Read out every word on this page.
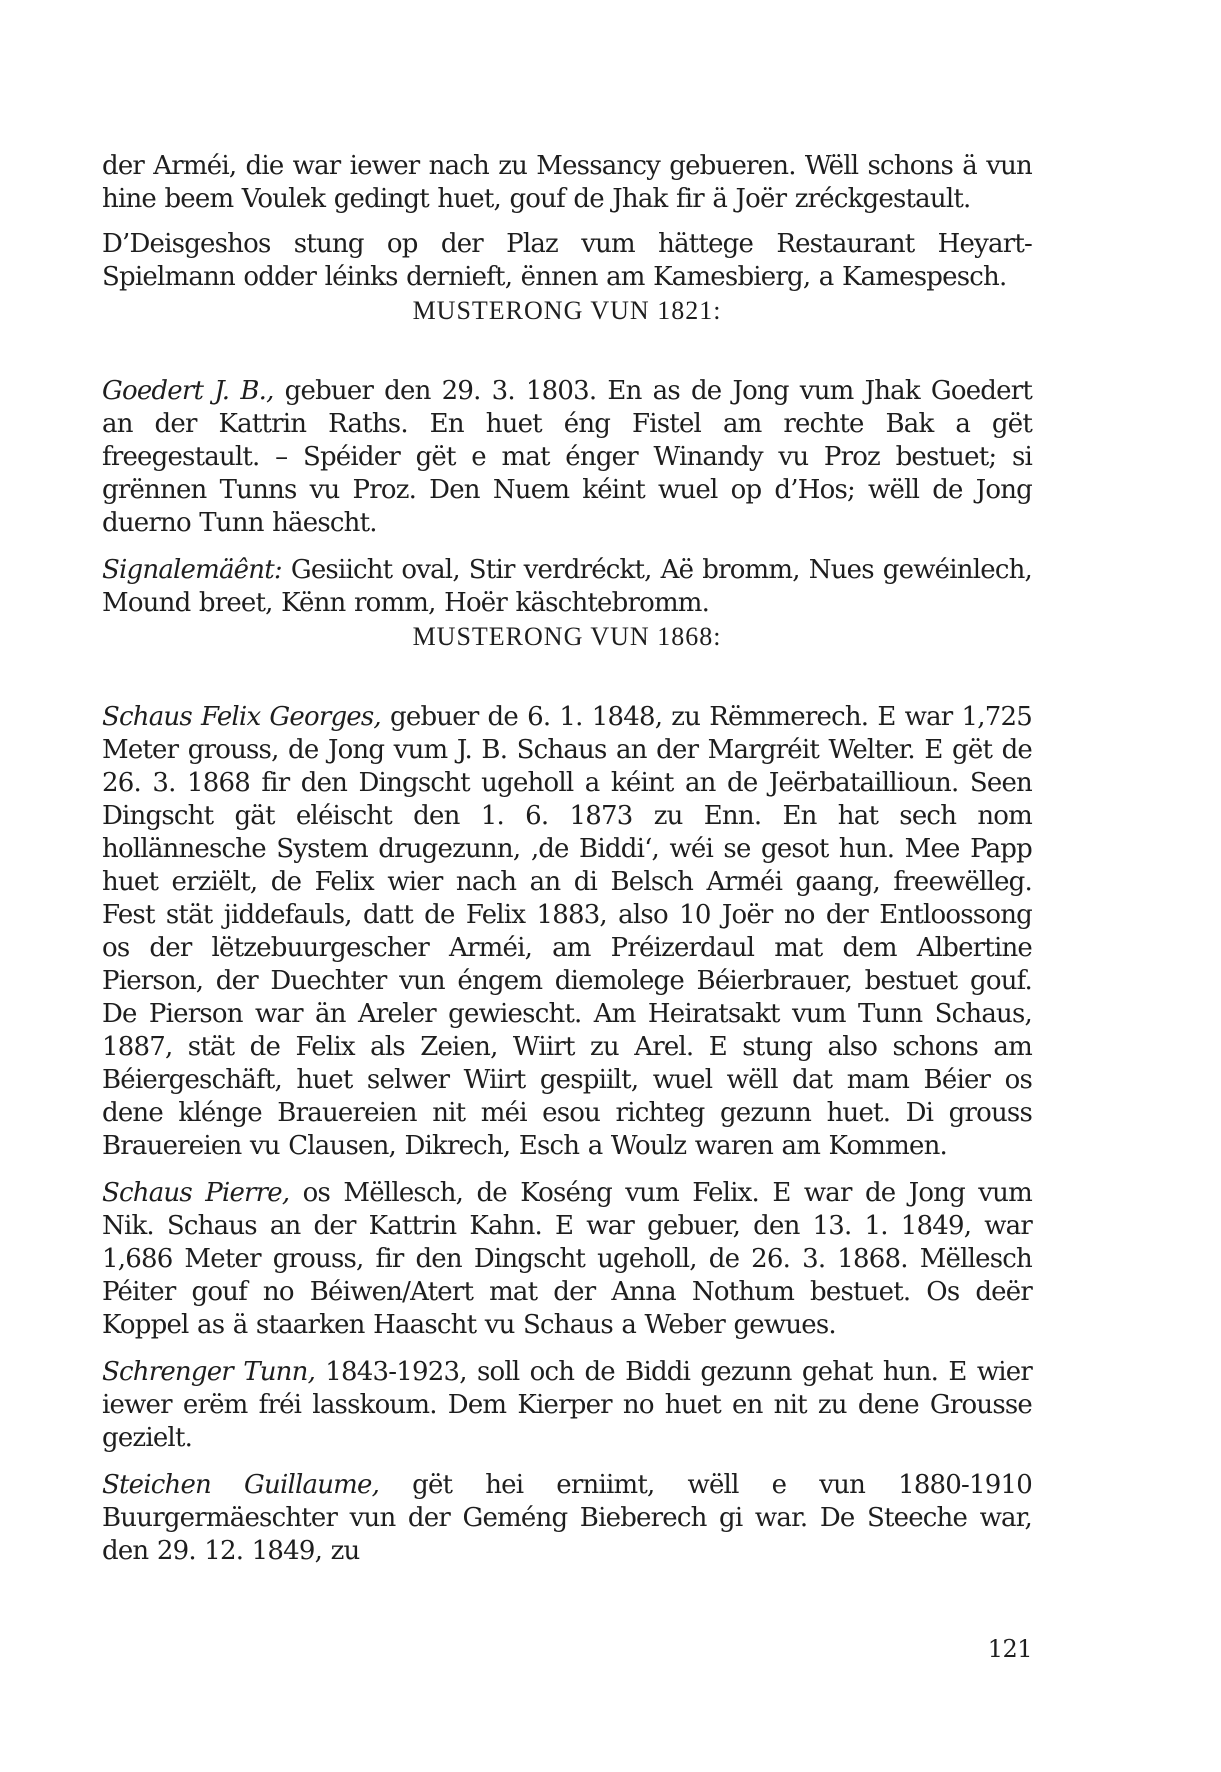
der Arméi, die war iewer nach zu Messancy gebueren. Wëll schons ä vun hine beem Voulek gedingt huet, gouf de Jhak fir ä Joër zréckgestault.

D’Deisgeshos stung op der Plaz vum hättege Restaurant Heyart-Spielmann odder léinks dernieft, ënnen am Kamesbierg, a Kamespesch.

MUSTERONG VUN 1821:

Goedert J. B., gebuer den 29. 3. 1803. En as de Jong vum Jhak Goedert an der Kattrin Raths. En huet éng Fistel am rechte Bak a gët freegestault. – Spéider gët e mat énger Winandy vu Proz bestuet; si grënnen Tunns vu Proz. Den Nuem kéint wuel op d’Hos; wëll de Jong duerno Tunn häescht.

Signalemäênt: Gesiicht oval, Stir verdréckt, Aë bromm, Nues gewéinlech, Mound breet, Kënn romm, Hoër käschtebromm.

MUSTERONG VUN 1868:

Schaus Felix Georges, gebuer de 6. 1. 1848, zu Rëmmerech. E war 1,725 Meter grouss, de Jong vum J. B. Schaus an der Margréit Welter. E gët de 26. 3. 1868 fir den Dingscht ugeholl a kéint an de Jeërbataillioun. Seen Dingscht gät eléischt den 1. 6. 1873 zu Enn. En hat sech nom hollännesche System drugezunn, ‚de Biddi‘, wéi se gesot hun. Mee Papp huet erziëlt, de Felix wier nach an di Belsch Arméi gaang, freewëlleg. Fest stät jiddefauls, datt de Felix 1883, also 10 Joër no der Entloossong os der lëtzebuurgescher Arméi, am Préizerdaul mat dem Albertine Pierson, der Duechter vun éngem diemolege Béierbrauer, bestuet gouf. De Pierson war än Areler gewiescht. Am Heiratsakt vum Tunn Schaus, 1887, stät de Felix als Zeien, Wiirt zu Arel. E stung also schons am Béiergeschäft, huet selwer Wiirt gespiilt, wuel wëll dat mam Béier os dene klénge Brauereien nit méi esou richteg gezunn huet. Di grouss Brauereien vu Clausen, Dikrech, Esch a Woulz waren am Kommen.

Schaus Pierre, os Mëllesch, de Koséng vum Felix. E war de Jong vum Nik. Schaus an der Kattrin Kahn. E war gebuer, den 13. 1. 1849, war 1,686 Meter grouss, fir den Dingscht ugeholl, de 26. 3. 1868. Mëllesch Péiter gouf no Béiwen/Atert mat der Anna Nothum bestuet. Os deër Koppel as ä staarken Haascht vu Schaus a Weber gewues.

Schrenger Tunn, 1843-1923, soll och de Biddi gezunn gehat hun. E wier iewer erëm fréi lasskoum. Dem Kierper no huet en nit zu dene Grousse gezielt.

Steichen Guillaume, gët hei erniimt, wëll e vun 1880-1910 Buurgermäeschter vun der Geméng Bieberech gi war. De Steeche war, den 29. 12. 1849, zu

121
